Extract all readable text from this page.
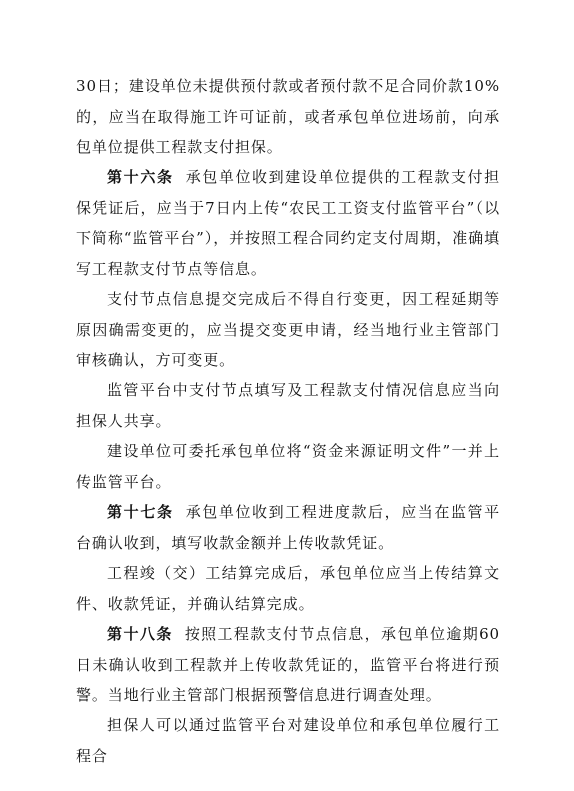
30日；建设单位未提供预付款或者预付款不足合同价款10%的，应当在取得施工许可证前，或者承包单位进场前，向承包单位提供工程款支付担保。

第十六条 承包单位收到建设单位提供的工程款支付担保凭证后，应当于7日内上传“农民工工资支付监管平台”（以下简称“监管平台”），并按照工程合同约定支付周期，准确填写工程款支付节点等信息。

支付节点信息提交完成后不得自行变更，因工程延期等原因确需变更的，应当提交变更申请，经当地行业主管部门审核确认，方可变更。

监管平台中支付节点填写及工程款支付情况信息应当向担保人共享。

建设单位可委托承包单位将“资金来源证明文件”一并上传监管平台。

第十七条 承包单位收到工程进度款后，应当在监管平台确认收到，填写收款金额并上传收款凭证。

工程竣（交）工结算完成后，承包单位应当上传结算文件、收款凭证，并确认结算完成。

第十八条 按照工程款支付节点信息，承包单位逾期60日未确认收到工程款并上传收款凭证的，监管平台将进行预警。当地行业主管部门根据预警信息进行调查处理。

担保人可以通过监管平台对建设单位和承包单位履行工程合
